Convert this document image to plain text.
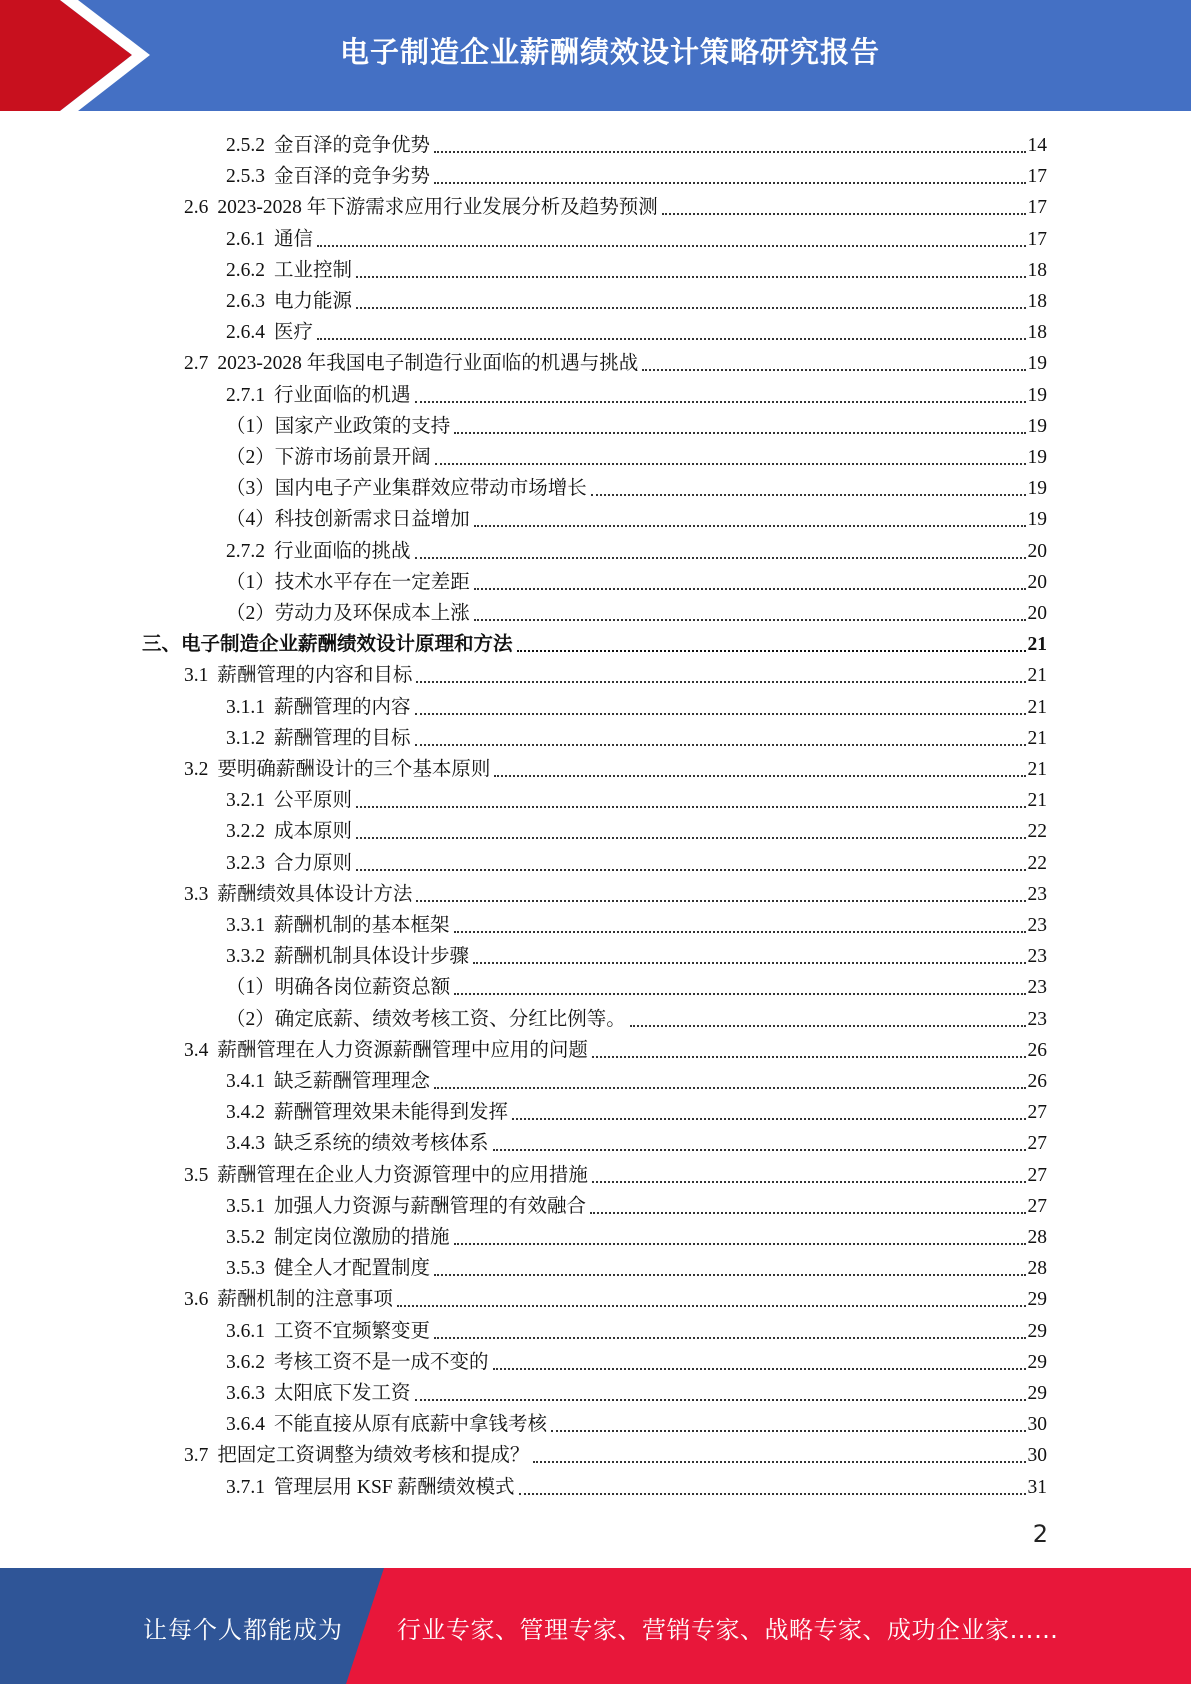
电子制造企业薪酬绩效设计策略研究报告
2.5.2 金百泽的竞争优势	14
2.5.3 金百泽的竞争劣势	17
2.6 2023-2028 年下游需求应用行业发展分析及趋势预测	17
2.6.1 通信	17
2.6.2 工业控制	18
2.6.3 电力能源	18
2.6.4 医疗	18
2.7 2023-2028 年我国电子制造行业面临的机遇与挑战	19
2.7.1 行业面临的机遇	19
（1）国家产业政策的支持	19
（2）下游市场前景开阔	19
（3）国内电子产业集群效应带动市场增长	19
（4）科技创新需求日益增加	19
2.7.2 行业面临的挑战	20
（1）技术水平存在一定差距	20
（2）劳动力及环保成本上涨	20
三、电子制造企业薪酬绩效设计原理和方法	21
3.1 薪酬管理的内容和目标	21
3.1.1 薪酬管理的内容	21
3.1.2 薪酬管理的目标	21
3.2 要明确薪酬设计的三个基本原则	21
3.2.1 公平原则	21
3.2.2 成本原则	22
3.2.3 合力原则	22
3.3 薪酬绩效具体设计方法	23
3.3.1 薪酬机制的基本框架	23
3.3.2 薪酬机制具体设计步骤	23
（1）明确各岗位薪资总额	23
（2）确定底薪、绩效考核工资、分红比例等。	23
3.4 薪酬管理在人力资源薪酬管理中应用的问题	26
3.4.1 缺乏薪酬管理理念	26
3.4.2 薪酬管理效果未能得到发挥	27
3.4.3 缺乏系统的绩效考核体系	27
3.5 薪酬管理在企业人力资源管理中的应用措施	27
3.5.1 加强人力资源与薪酬管理的有效融合	27
3.5.2 制定岗位激励的措施	28
3.5.3 健全人才配置制度	28
3.6 薪酬机制的注意事项	29
3.6.1 工资不宜频繁变更	29
3.6.2 考核工资不是一成不变的	29
3.6.3 太阳底下发工资	29
3.6.4 不能直接从原有底薪中拿钱考核	30
3.7 把固定工资调整为绩效考核和提成？	30
3.7.1 管理层用 KSF 薪酬绩效模式	31
2
让每个人都能成为 行业专家、管理专家、营销专家、战略专家、成功企业家……
